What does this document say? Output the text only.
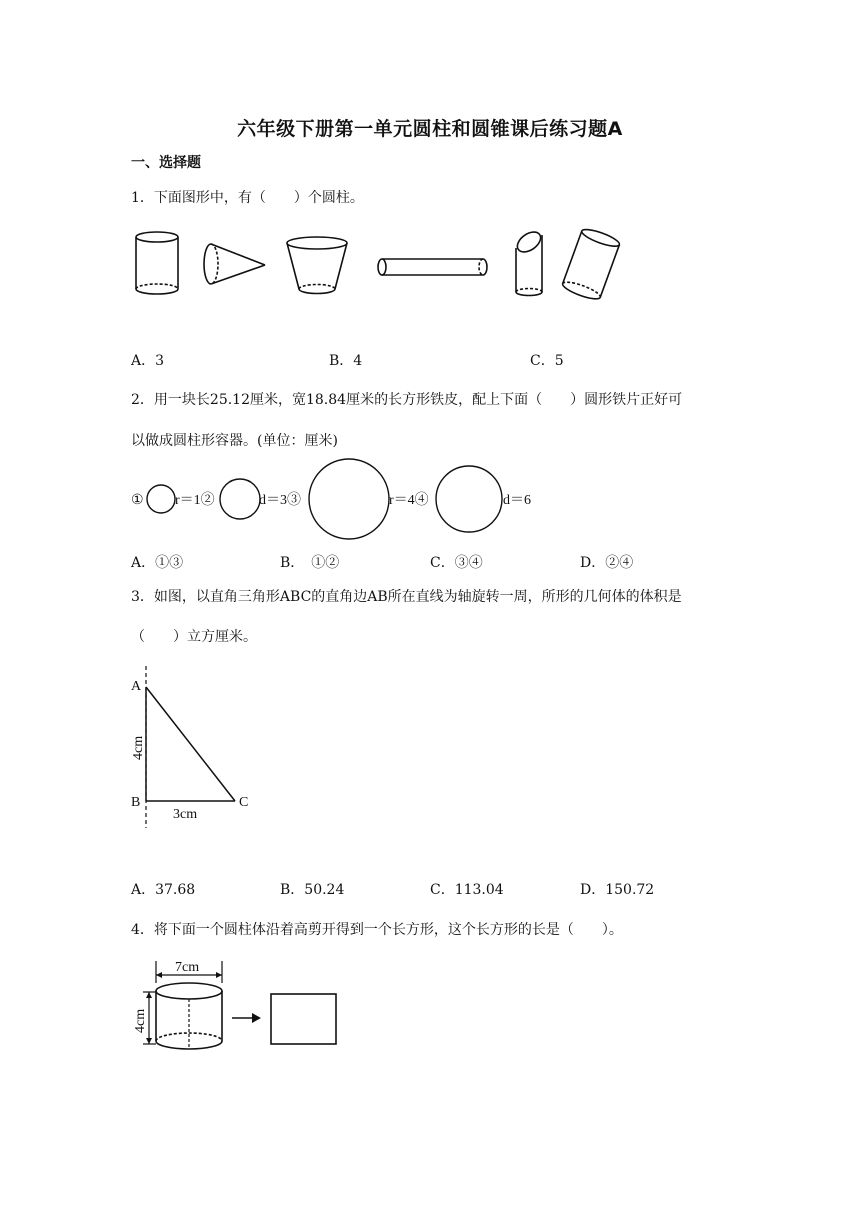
六年级下册第一单元圆柱和圆锥课后练习题A
一、选择题
1．下面图形中，有（　　）个圆柱。
A．3	B．4	C．5
2．用一块长25.12厘米，宽18.84厘米的长方形铁皮，配上下面（　　）圆形铁片正好可
以做成圆柱形容器。(单位：厘米)
① r＝1②	d＝3③	r＝4④	d＝6
A．①③	B．　①②	C．③④	D．②④
3．如图，以直角三角形ABC的直角边AB所在直线为轴旋转一周，所形的几何体的体积是
（　　）立方厘米。
A
B	C
4cm
3cm
A．37.68	B．50.24	C．113.04	D．150.72
4．将下面一个圆柱体沿着高剪开得到一个长方形，这个长方形的长是（　　）。
7cm
4cm
